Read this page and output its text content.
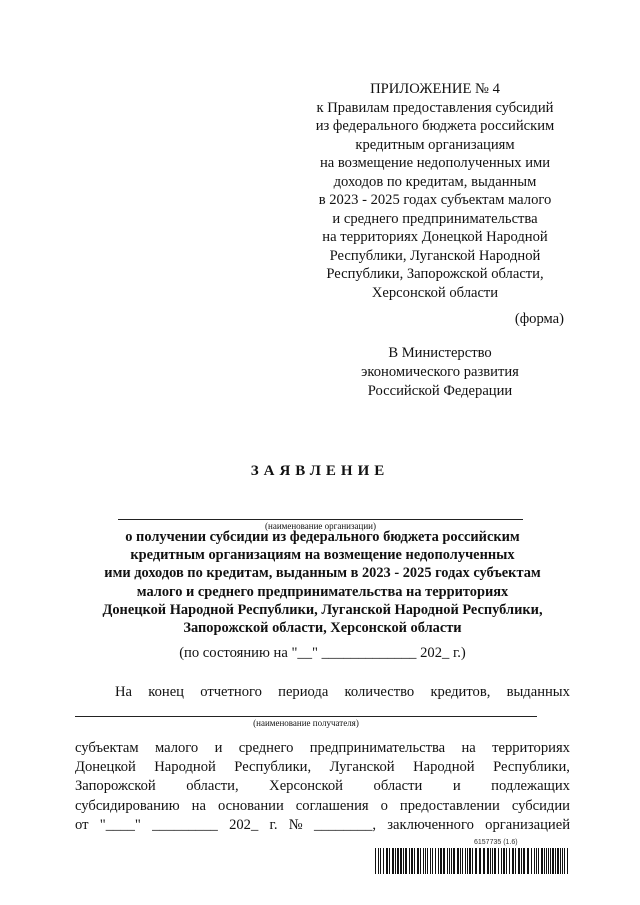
ПРИЛОЖЕНИЕ № 4
к Правилам предоставления субсидий
из федерального бюджета российским
кредитным организациям
на возмещение недополученных ими
доходов по кредитам, выданным
в 2023 - 2025 годах субъектам малого
и среднего предпринимательства
на территориях Донецкой Народной
Республики, Луганской Народной
Республики, Запорожской области,
Херсонской области
(форма)
В Министерство
экономического развития
Российской Федерации
ЗАЯВЛЕНИЕ
(наименование организации)
о получении субсидии из федерального бюджета российским
кредитным организациям на возмещение недополученных
ими доходов по кредитам, выданным в 2023 - 2025 годах субъектам
малого и среднего предпринимательства на территориях
Донецкой Народной Республики, Луганской Народной Республики,
Запорожской области, Херсонской области
(по состоянию на "__" _____________ 202_ г.)
На конец отчетного периода количество кредитов, выданных
(наименование получателя)
субъектам малого и среднего предпринимательства на территориях
Донецкой Народной Республики, Луганской Народной Республики,
Запорожской области, Херсонской области и подлежащих
субсидированию на основании соглашения о предоставлении субсидии
от "____" _________ 202_ г. № ________, заключенного организацией
6157735 (1.6)
